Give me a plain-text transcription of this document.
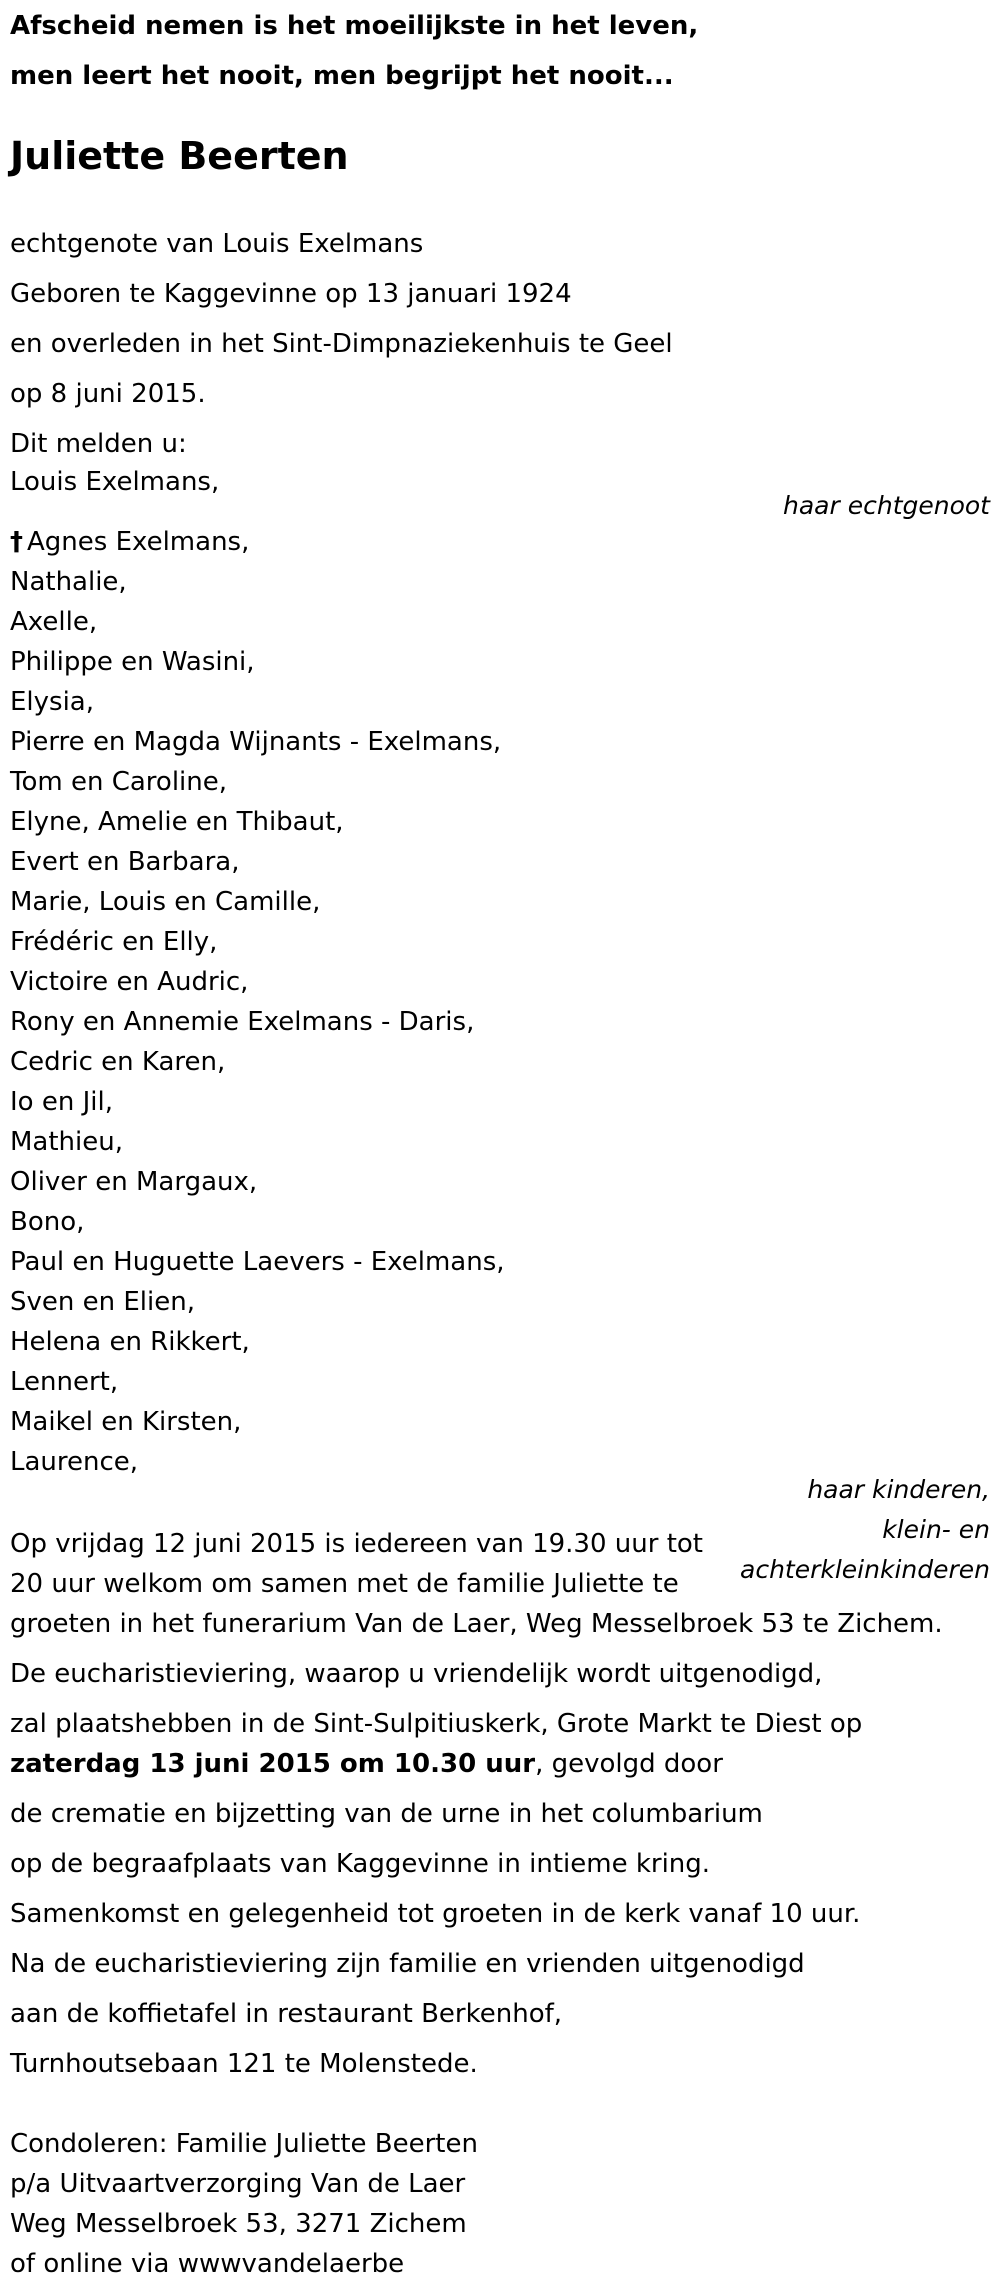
Afscheid nemen is het moeilijkste in het leven,
men leert het nooit, men begrijpt het nooit...
Juliette Beerten
echtgenote van Louis Exelmans
Geboren te Kaggevinne op 13 januari 1924
en overleden in het Sint-Dimpnaziekenhuis te Geel
op 8 juni 2015.
Dit melden u:
Louis Exelmans,
haar echtgenoot
† Agnes Exelmans,
Nathalie,
Axelle,
Philippe en Wasini,
Elysia,
Pierre en Magda Wijnants - Exelmans,
Tom en Caroline,
Elyne, Amelie en Thibaut,
Evert en Barbara,
Marie, Louis en Camille,
Frédéric en Elly,
Victoire en Audric,
Rony en Annemie Exelmans - Daris,
Cedric en Karen,
Io en Jil,
Mathieu,
Oliver en Margaux,
Bono,
Paul en Huguette Laevers - Exelmans,
Sven en Elien,
Helena en Rikkert,
Lennert,
Maikel en Kirsten,
Laurence,
haar kinderen,
klein- en
achterkleinkinderen
Op vrijdag 12 juni 2015 is iedereen van 19.30 uur tot
20 uur welkom om samen met de familie Juliette te
groeten in het funerarium Van de Laer, Weg Messelbroek 53 te Zichem.
De eucharistieviering, waarop u vriendelijk wordt uitgenodigd,
zal plaatshebben in de Sint-Sulpitiuskerk, Grote Markt te Diest op
zaterdag 13 juni 2015 om 10.30 uur, gevolgd door
de crematie en bijzetting van de urne in het columbarium
op de begraafplaats van Kaggevinne in intieme kring.
Samenkomst en gelegenheid tot groeten in de kerk vanaf 10 uur.
Na de eucharistieviering zijn familie en vrienden uitgenodigd
aan de koffietafel in restaurant Berkenhof,
Turnhoutsebaan 121 te Molenstede.
Condoleren: Familie Juliette Beerten
p/a Uitvaartverzorging Van de Laer
Weg Messelbroek 53, 3271 Zichem
of online via wwwvandelaerbe
